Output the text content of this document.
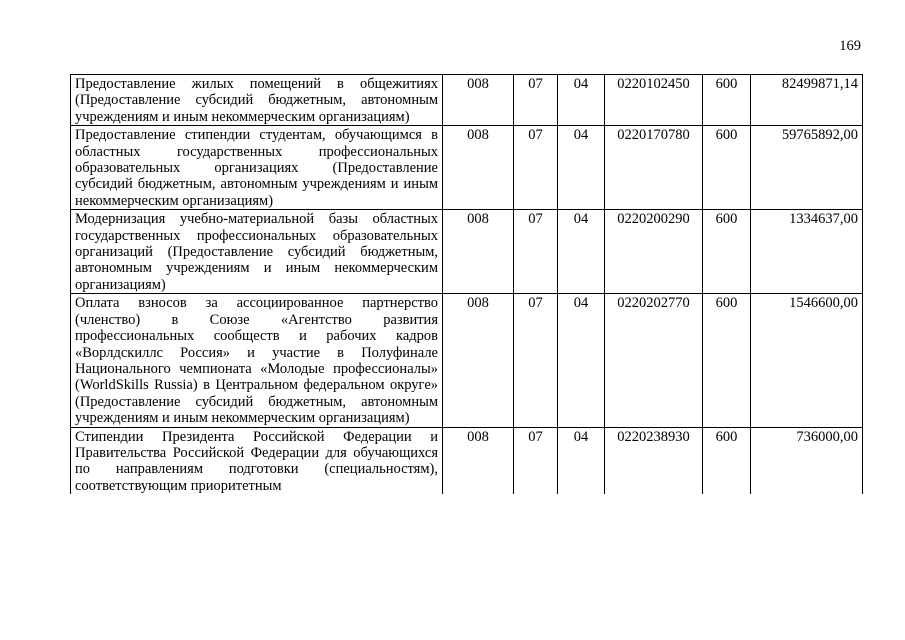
169
Предоставление жилых помещений в общежитиях (Предоставление субсидий бюджетным, автономным учреждениям и иным некоммерческим организациям)	008	07	04	0220102450	600	82499871,14
Предоставление стипендии студентам, обучающимся в областных государственных профессиональных образовательных организациях (Предоставление субсидий бюджетным, автономным учреждениям и иным некоммерческим организациям)	008	07	04	0220170780	600	59765892,00
Модернизация учебно-материальной базы областных государственных профессиональных образовательных организаций (Предоставление субсидий бюджетным, автономным учреждениям и иным некоммерческим организациям)	008	07	04	0220200290	600	1334637,00
Оплата взносов за ассоциированное партнерство (членство) в Союзе «Агентство развития профессиональных сообществ и рабочих кадров «Ворлдскиллс Россия» и участие в Полуфинале Национального чемпионата «Молодые профессионалы» (WorldSkills Russia) в Центральном федеральном округе» (Предоставление субсидий бюджетным, автономным учреждениям и иным некоммерческим организациям)	008	07	04	0220202770	600	1546600,00
Стипендии Президента Российской Федерации и Правительства Российской Федерации для обучающихся по направлениям подготовки (специальностям), соответствующим приоритетным	008	07	04	0220238930	600	736000,00
